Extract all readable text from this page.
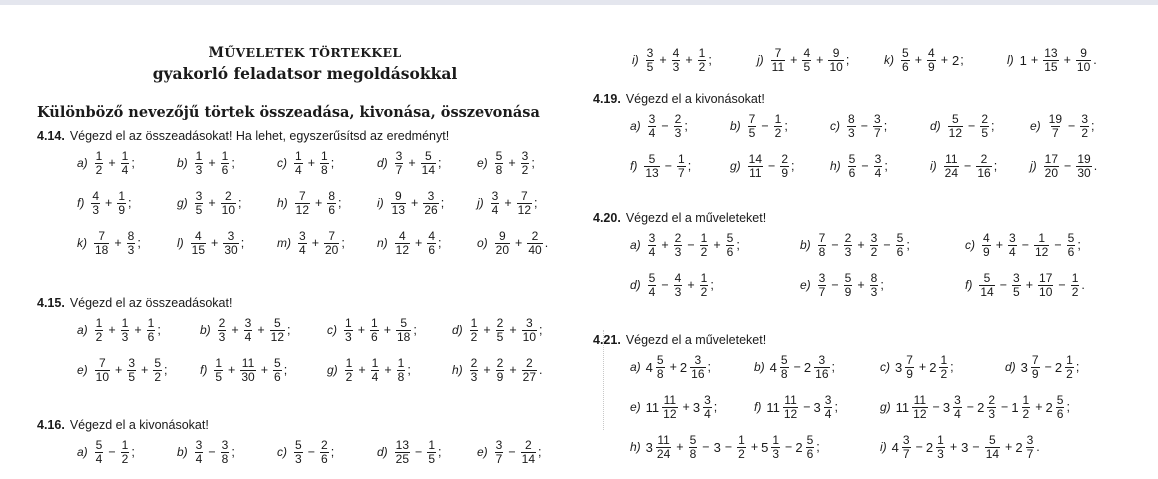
MŰVELETEK TÖRTEKKEL
gyakorló feladatsor megoldásokkal
Különböző nevezőjű törtek összeadása, kivonása, összevonása
4.14. Végezd el az összeadásokat! Ha lehet, egyszerűsítsd az eredményt!
$a) \frac{1}{2} + \frac{1}{4}$ ;	$b) \frac{1}{3} + \frac{1}{6}$ ;	$c) \frac{1}{4} + \frac{1}{8}$ ;	$d) \frac{3}{7} + \frac{5}{14}$ ;	$e) \frac{5}{8} + \frac{3}{2}$ ;
$f) \frac{4}{3} + \frac{1}{9}$ ;	$g) \frac{3}{5} + \frac{2}{10}$ ;	$h) \frac{7}{12} + \frac{8}{6}$ ;	$i) \frac{9}{13} + \frac{3}{26}$ ;	$j) \frac{3}{4} + \frac{7}{12}$ ;
$k) \frac{7}{18} + \frac{8}{3}$ ;	$l) \frac{4}{15} + \frac{3}{30}$ ;	$m) \frac{3}{4} + \frac{7}{20}$ ;	$n) \frac{4}{12} + \frac{4}{6}$ ;	$o) \frac{9}{20} + \frac{2}{40}$ .
4.15. Végezd el az összeadásokat!
$a) \frac{1}{2} + \frac{1}{3} + \frac{1}{6}$ ;	$b) \frac{2}{3} + \frac{3}{4} + \frac{5}{12}$ ;	$c) \frac{1}{3} + \frac{1}{6} + \frac{5}{18}$ ;	$d) \frac{1}{2} + \frac{2}{5} + \frac{3}{10}$ ;
$e) \frac{7}{10} + \frac{3}{5} + \frac{5}{2}$ ;	$f) \frac{1}{5} + \frac{11}{30} + \frac{5}{6}$ ;	$g) \frac{1}{2} + \frac{1}{4} + \frac{1}{8}$ ;	$h) \frac{2}{3} + \frac{2}{9} + \frac{2}{27}$ .
4.16. Végezd el a kivonásokat!
$a) \frac{5}{4} - \frac{1}{2}$ ;	$b) \frac{3}{4} - \frac{3}{8}$ ;	$c) \frac{5}{3} - \frac{2}{6}$ ;	$d) \frac{13}{25} - \frac{1}{5}$ ;	$e) \frac{3}{7} - \frac{2}{14}$ ;
$i) \frac{3}{5} + \frac{4}{3} + \frac{1}{2}$ ;	$j) \frac{7}{11} + \frac{4}{5} + \frac{9}{10}$ ;	$k) \frac{5}{6} + \frac{4}{9} + 2$ ;	l) $1 + \frac{13}{15} + \frac{9}{10}$ .
4.19. Végezd el a kivonásokat!
$a) \frac{3}{4} - \frac{2}{3}$ ;	$b) \frac{7}{5} - \frac{1}{2}$ ;	$c) \frac{8}{3} - \frac{3}{7}$ ;	$d) \frac{5}{12} - \frac{2}{5}$ ;	$e) \frac{19}{7} - \frac{3}{2}$ ;
$f) \frac{5}{13} - \frac{1}{7}$ ;	$g) \frac{14}{11} - \frac{2}{9}$ ;	$h) \frac{5}{6} - \frac{3}{4}$ ;	$i) \frac{11}{24} - \frac{2}{16}$ ;	$j) \frac{17}{20} - \frac{19}{30}$ .
4.20. Végezd el a műveleteket!
$a) \frac{3}{4} + \frac{2}{3} - \frac{1}{2} + \frac{5}{6}$ ;	$b) \frac{7}{8} - \frac{2}{3} + \frac{3}{2} - \frac{5}{6}$ ;	$c) \frac{4}{9} + \frac{3}{4} - \frac{1}{12} - \frac{5}{6}$ ;
$d) \frac{5}{4} - \frac{4}{3} + \frac{1}{2}$ ;	$e) \frac{3}{7} - \frac{5}{9} + \frac{8}{3}$ ;	$f) \frac{5}{14} - \frac{3}{5} + \frac{17}{10} - \frac{1}{2}$ .
4.21. Végezd el a műveleteket!
a) $4 \frac{5}{8} + 2 \frac{3}{16}$ ;	b) $4 \frac{5}{8} - 2 \frac{3}{16}$ ;	c) $3 \frac{7}{9} + 2 \frac{1}{2}$ ;	d) $3 \frac{7}{9} - 2 \frac{1}{2}$ ;
e) $11 \frac{11}{12} + 3 \frac{3}{4}$ ;	f) $11 \frac{11}{12} - 3 \frac{3}{4}$ ;	g) $11 \frac{11}{12} - 3 \frac{3}{4} - 2 \frac{2}{3} - 1 \frac{1}{2} + 2 \frac{5}{6}$ ;
h) $3 \frac{11}{24} + \frac{5}{8} - 3 - \frac{1}{2} + 5 \frac{1}{3} - 2 \frac{5}{6}$ ;	i) $4 \frac{3}{7} - 2 \frac{1}{3} + 3 - \frac{5}{14} + 2 \frac{3}{7}$ .
